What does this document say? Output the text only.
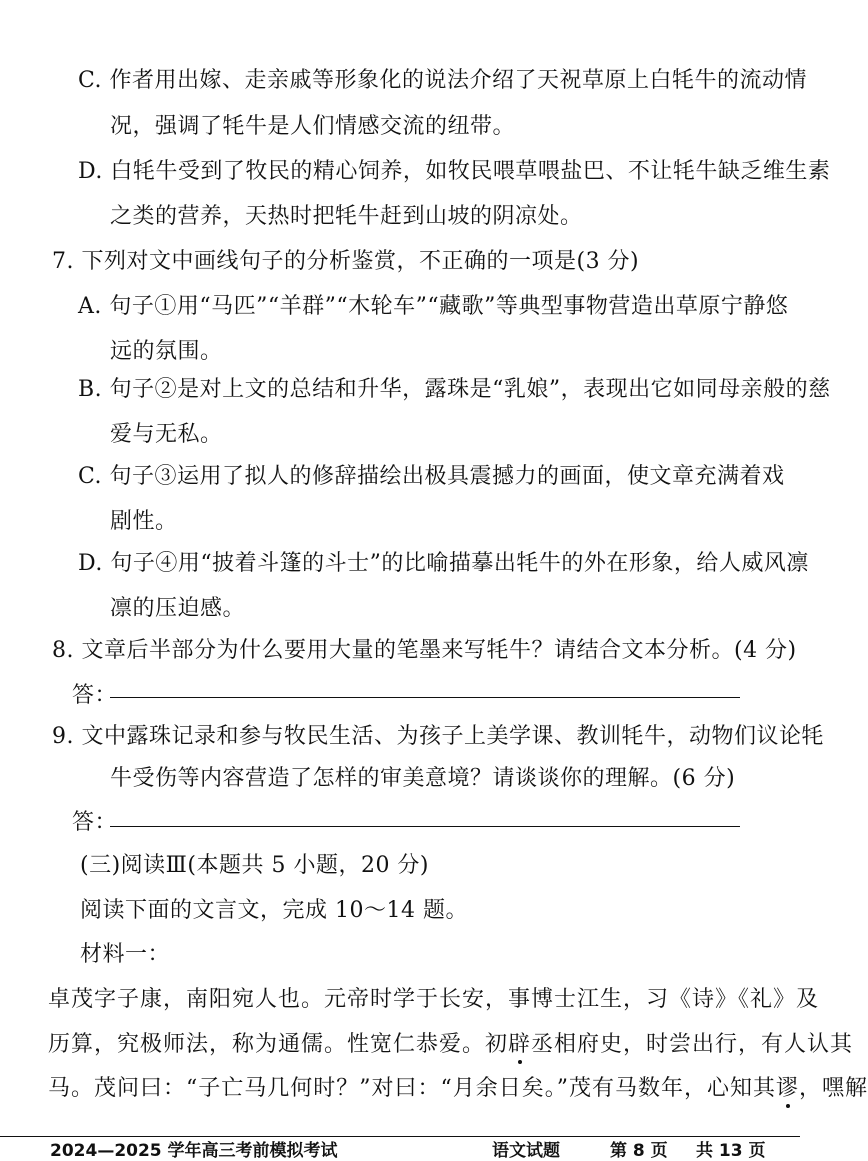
C. 作者用出嫁、走亲戚等形象化的说法介绍了天祝草原上白牦牛的流动情
况，强调了牦牛是人们情感交流的纽带。
D. 白牦牛受到了牧民的精心饲养，如牧民喂草喂盐巴、不让牦牛缺乏维生素
之类的营养，天热时把牦牛赶到山坡的阴凉处。
7. 下列对文中画线句子的分析鉴赏，不正确的一项是(3 分)
A. 句子①用“马匹”“羊群”“木轮车”“藏歌”等典型事物营造出草原宁静悠
远的氛围。
B. 句子②是对上文的总结和升华，露珠是“乳娘”，表现出它如同母亲般的慈
爱与无私。
C. 句子③运用了拟人的修辞描绘出极具震撼力的画面，使文章充满着戏
剧性。
D. 句子④用“披着斗篷的斗士”的比喻描摹出牦牛的外在形象，给人威风凛
凛的压迫感。
8. 文章后半部分为什么要用大量的笔墨来写牦牛？请结合文本分析。(4 分)
答：
9. 文中露珠记录和参与牧民生活、为孩子上美学课、教训牦牛，动物们议论牦
牛受伤等内容营造了怎样的审美意境？请谈谈你的理解。(6 分)
答：
(三)阅读Ⅲ(本题共 5 小题，20 分)
阅读下面的文言文，完成 10～14 题。
材料一：
卓茂字子康，南阳宛人也。元帝时学于长安，事博士江生，习《诗》《礼》及
历算，究极师法，称为通儒。性宽仁恭爱。初辟丞相府史，时尝出行，有人认其
马。茂问曰：“子亡马几何时？”对曰：“月余日矣。”茂有马数年，心知其谬，嘿解
2024—2025 学年高三考前模拟考试	语文试题	第 8 页 共 13 页
